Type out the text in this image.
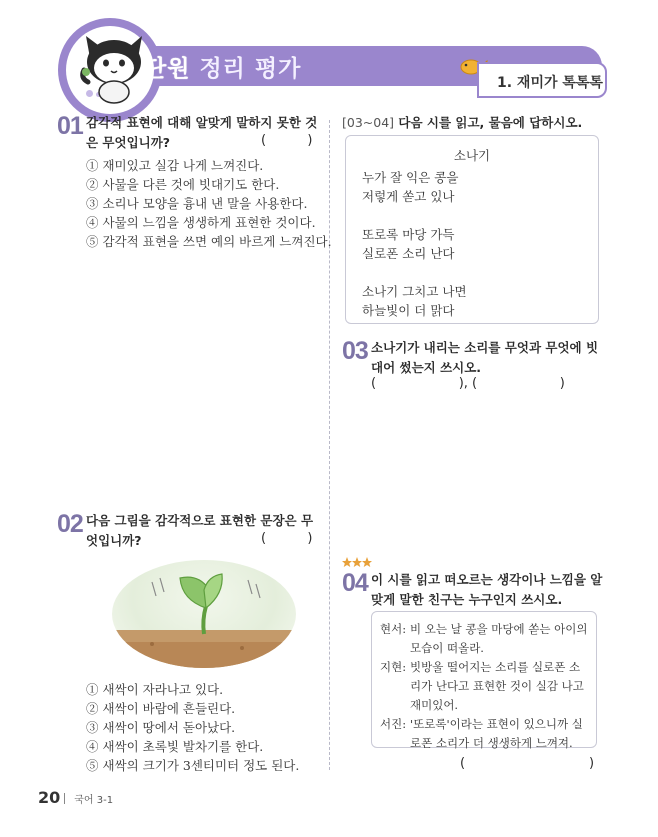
단원 정리 평가
1. 재미가 톡톡톡
01 감각적 표현에 대해 알맞게 말하지 못한 것은 무엇입니까?	(          )
① 재미있고 실감 나게 느껴진다.
② 사물을 다른 것에 빗대기도 한다.
③ 소리나 모양을 흉내 낸 말을 사용한다.
④ 사물의 느낌을 생생하게 표현한 것이다.
⑤ 감각적 표현을 쓰면 예의 바르게 느껴진다.
02 다음 그림을 감각적으로 표현한 문장은 무엇입니까?	(          )
① 새싹이 자라나고 있다.
② 새싹이 바람에 흔들린다.
③ 새싹이 땅에서 돋아났다.
④ 새싹이 초록빛 발차기를 한다.
⑤ 새싹의 크기가 3센티미터 정도 된다.
[03~04] 다음 시를 읽고, 물음에 답하시오.
소나기
누가 잘 익은 콩을
저렇게 쏟고 있나
또로록 마당 가득
실로폰 소리 난다
소나기 그치고 나면
하늘빛이 더 맑다
03 소나기가 내리는 소리를 무엇과 무엇에 빗대어 썼는지 쓰시오.
(                    ), (                    )
04 이 시를 읽고 떠오르는 생각이나 느낌을 알맞게 말한 친구는 누구인지 쓰시오.
현서: 비 오는 날 콩을 마당에 쏟는 아이의 모습이 떠올라.
지현: 빗방울 떨어지는 소리를 실로폰 소리가 난다고 표현한 것이 실감 나고 재미있어.
서진: '또로록'이라는 표현이 있으니까 실로폰 소리가 더 생생하게 느껴져.
(                              )
20 국어 3-1
